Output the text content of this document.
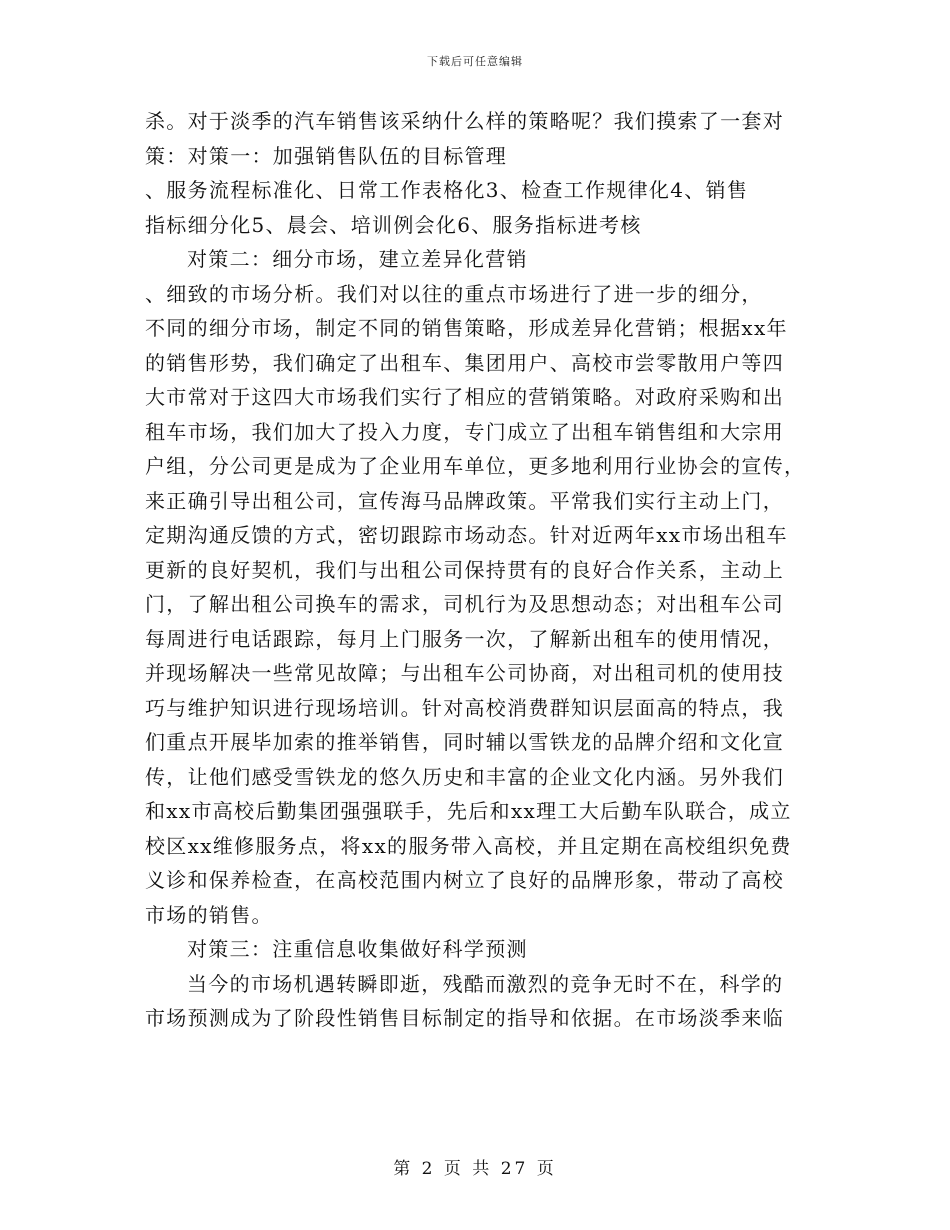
下载后可任意编辑
杀。对于淡季的汽车销售该采纳什么样的策略呢？我们摸索了一套对
策：对策一：加强销售队伍的目标管理
、服务流程标准化、日常工作表格化3、检查工作规律化4、销售
指标细分化5、晨会、培训例会化6、服务指标进考核
对策二：细分市场，建立差异化营销
、细致的市场分析。我们对以往的重点市场进行了进一步的细分，
不同的细分市场，制定不同的销售策略，形成差异化营销；根据xx年
的销售形势，我们确定了出租车、集团用户、高校市尝零散用户等四
大市常对于这四大市场我们实行了相应的营销策略。对政府采购和出
租车市场，我们加大了投入力度，专门成立了出租车销售组和大宗用
户组，分公司更是成为了企业用车单位，更多地利用行业协会的宣传，
来正确引导出租公司，宣传海马品牌政策。平常我们实行主动上门，
定期沟通反馈的方式，密切跟踪市场动态。针对近两年xx市场出租车
更新的良好契机，我们与出租公司保持贯有的良好合作关系，主动上
门，了解出租公司换车的需求，司机行为及思想动态；对出租车公司
每周进行电话跟踪，每月上门服务一次，了解新出租车的使用情况，
并现场解决一些常见故障；与出租车公司协商，对出租司机的使用技
巧与维护知识进行现场培训。针对高校消费群知识层面高的特点，我
们重点开展毕加索的推举销售，同时辅以雪铁龙的品牌介绍和文化宣
传，让他们感受雪铁龙的悠久历史和丰富的企业文化内涵。另外我们
和xx市高校后勤集团强强联手，先后和xx理工大后勤车队联合，成立
校区xx维修服务点，将xx的服务带入高校，并且定期在高校组织免费
义诊和保养检查，在高校范围内树立了良好的品牌形象，带动了高校
市场的销售。
对策三：注重信息收集做好科学预测
当今的市场机遇转瞬即逝，残酷而激烈的竞争无时不在，科学的
市场预测成为了阶段性销售目标制定的指导和依据。在市场淡季来临
第 2 页 共 27 页
